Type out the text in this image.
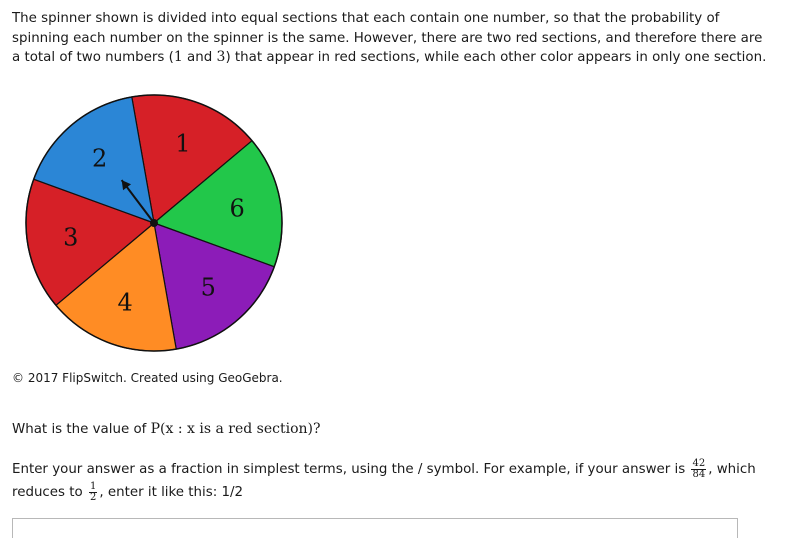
The spinner shown is divided into equal sections that each contain one number, so that the probability of spinning each number on the spinner is the same. However, there are two red sections, and therefore there are a total of two numbers (1 and 3) that appear in red sections, while each other color appears in only one section.

1
6
5
4
3
2

© 2017 FlipSwitch. Created using GeoGebra.

What is the value of P(x : x is a red section)?

Enter your answer as a fraction in simplest terms, using the / symbol. For example, if your answer is $\frac{42}{84}$ , which reduces to $\frac{1}{2}$ , enter it like this: 1/2
